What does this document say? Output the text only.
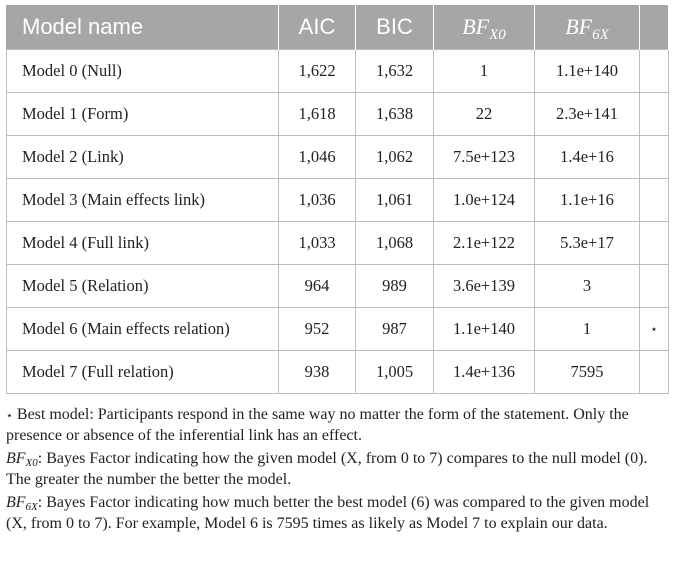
Model name	AIC	BIC	$BF_{X0}$	$BF_{6X}$	
Model 0 (Null)	1,622	1,632	1	1.1e+140	
Model 1 (Form)	1,618	1,638	22	2.3e+141	
Model 2 (Link)	1,046	1,062	7.5e+123	1.4e+16	
Model 3 (Main effects link)	1,036	1,061	1.0e+124	1.1e+16	
Model 4 (Full link)	1,033	1,068	2.1e+122	5.3e+17	
Model 5 (Relation)	964	989	3.6e+139	3	
Model 6 (Main effects relation)	952	987	1.1e+140	1	⋆
Model 7 (Full relation)	938	1,005	1.4e+136	7595	

⋆ Best model: Participants respond in the same way no matter the form of the statement. Only the presence or absence of the inferential link has an effect.

BFX0: Bayes Factor indicating how the given model (X, from 0 to 7) compares to the null model (0). The greater the number the better the model.

BF6X: Bayes Factor indicating how much better the best model (6) was compared to the given model (X, from 0 to 7). For example, Model 6 is 7595 times as likely as Model 7 to explain our data.
